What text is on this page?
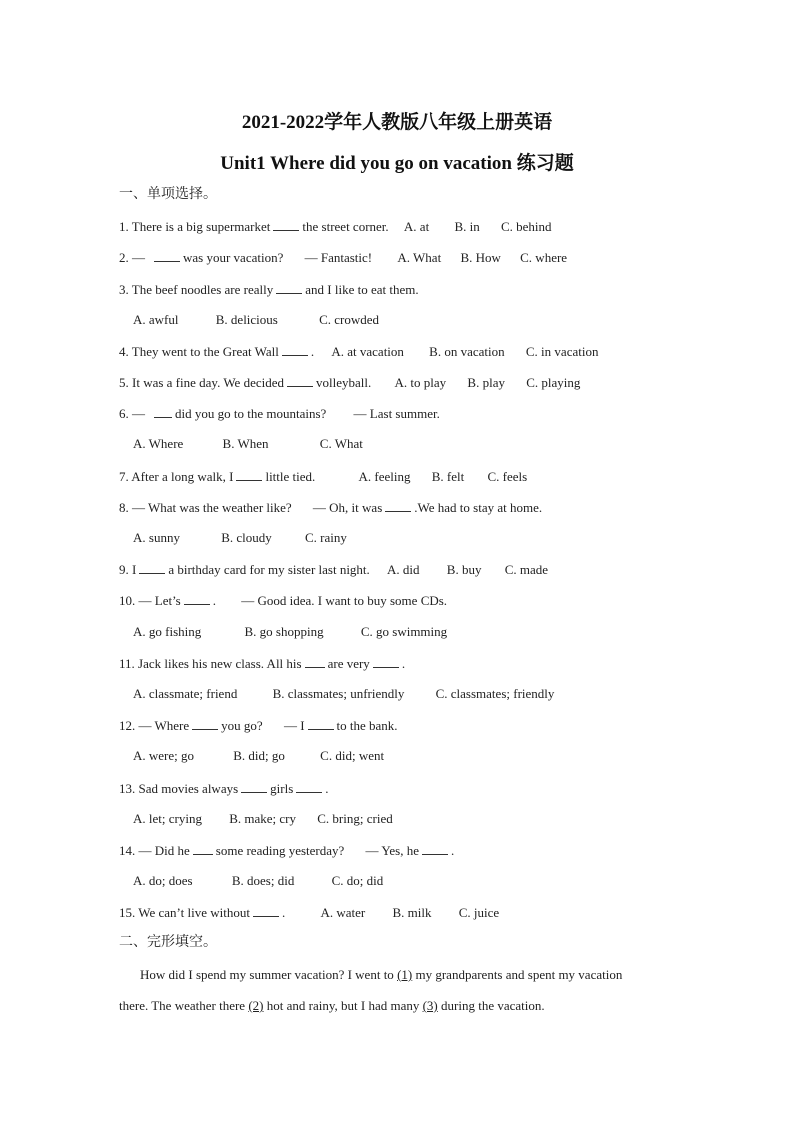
2021-2022学年人教版八年级上册英语
Unit1 Where did you go on vacation 练习题
一、单项选择。
1. There is a big supermarket the street corner. A. at B. in C. behind
2. —	was your vacation? — Fantastic! A. What B. How C. where
3. The beef noodles are really and I like to eat them.
A. awful	B. delicious	C. crowded
4. They went to the Great Wall . A. at vacation B. on vacation C. in vacation
5. It was a fine day. We decided volleyball. A. to play B. play C. playing
6. — did you go to the mountains? — Last summer.
A. Where	B. When	C. What
7. After a long walk, I little tied.	A. feeling B. felt C. feels
8. — What was the weather like? — Oh, it was .We had to stay at home.
A. sunny	B. cloudy	C. rainy
9. I a birthday card for my sister last night. A. did B. buy C. made
10. — Let’s . — Good idea. I want to buy some CDs.
A. go fishing	B. go shopping	C. go swimming
11. Jack likes his new class. All his are very .
A. classmate; friend	B. classmates; unfriendly C. classmates; friendly
12. — Where you go? — I to the bank.
A. were; go	B. did; go	C. did; went
13. Sad movies always girls .
A. let; crying B. make; cry C. bring; cried
14. — Did he some reading yesterday? — Yes, he .
A. do; does	B. does; did	C. do; did
15. We can’t live without .	A. water B. milk C. juice
二、完形填空。
How did I spend my summer vacation? I went to (1) my grandparents and spent my vacation
there. The weather there (2) hot and rainy, but I had many (3) during the vacation.
